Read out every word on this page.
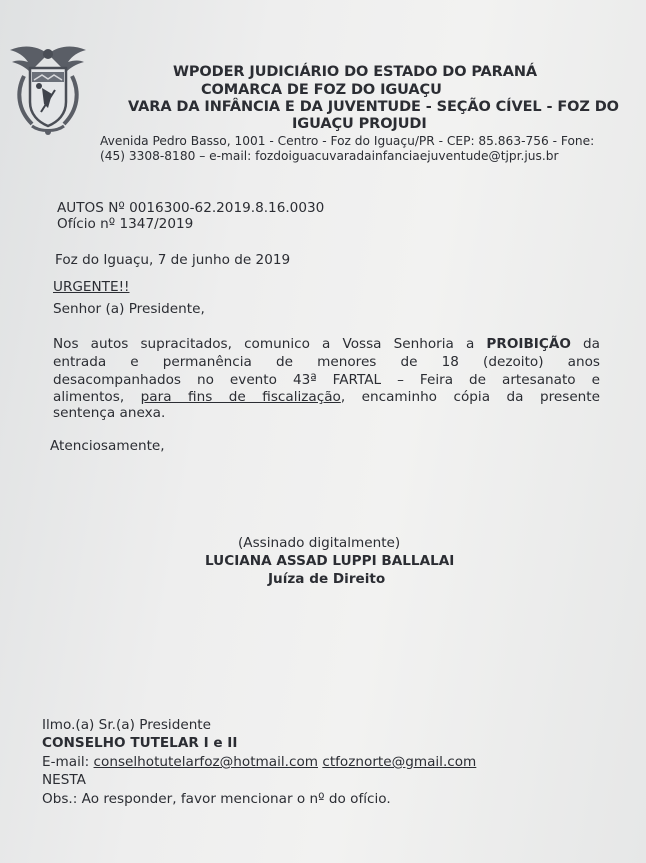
WPODER JUDICIÁRIO DO ESTADO DO PARANÁ
COMARCA DE FOZ DO IGUAÇU
VARA DA INFÂNCIA E DA JUVENTUDE - SEÇÃO CÍVEL - FOZ DO
IGUAÇU PROJUDI
Avenida Pedro Basso, 1001 - Centro - Foz do Iguaçu/PR - CEP: 85.863-756 - Fone:
(45) 3308-8180 – e-mail: fozdoiguacuvaradainfanciaejuventude@tjpr.jus.br
AUTOS Nº 0016300-62.2019.8.16.0030
Ofício nº 1347/2019
Foz do Iguaçu, 7 de junho de 2019
URGENTE!!
Senhor (a) Presidente,
Nos autos supracitados, comunico a Vossa Senhoria a PROIBIÇÃO da
entrada e permanência de menores de 18 (dezoito) anos
desacompanhados no evento 43ª FARTAL – Feira de artesanato e
alimentos, para fins de fiscalização, encaminho cópia da presente
sentença anexa.
Atenciosamente,
(Assinado digitalmente)
LUCIANA ASSAD LUPPI BALLALAI
Juíza de Direito
Ilmo.(a) Sr.(a) Presidente
CONSELHO TUTELAR I e II
E-mail: conselhotutelarfoz@hotmail.com ctfoznorte@gmail.com
NESTA
Obs.: Ao responder, favor mencionar o nº do ofício.
